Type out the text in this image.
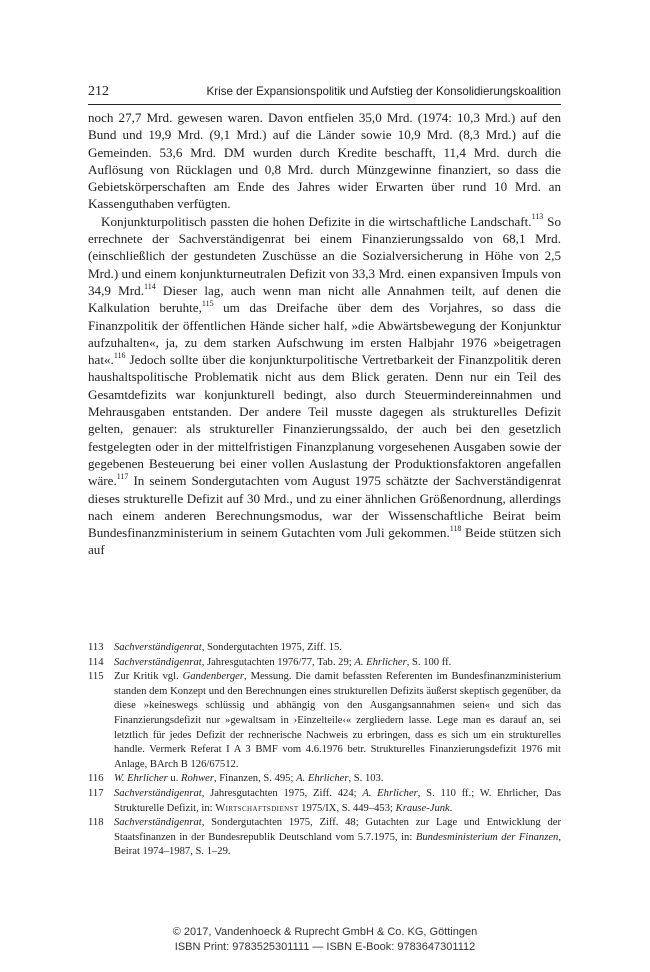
212	Krise der Expansionspolitik und Aufstieg der Konsolidierungskoalition

noch 27,7 Mrd. gewesen waren. Davon entfielen 35,0 Mrd. (1974: 10,3 Mrd.) auf den Bund und 19,9 Mrd. (9,1 Mrd.) auf die Länder sowie 10,9 Mrd. (8,3 Mrd.) auf die Gemeinden. 53,6 Mrd. DM wurden durch Kredite beschafft, 11,4 Mrd. durch die Auflösung von Rücklagen und 0,8 Mrd. durch Münzgewinne finanziert, so dass die Gebietskörperschaften am Ende des Jahres wider Erwarten über rund 10 Mrd. an Kassenguthaben verfügten.

Konjunkturpolitisch passten die hohen Defizite in die wirtschaftliche Landschaft.$^{113}$ So errechnete der Sachverständigenrat bei einem Finanzierungssaldo von 68,1 Mrd. (einschließlich der gestundeten Zuschüsse an die Sozialversicherung in Höhe von 2,5 Mrd.) und einem konjunkturneutralen Defizit von 33,3 Mrd. einen expansiven Impuls von 34,9 Mrd.$^{114}$ Dieser lag, auch wenn man nicht alle Annahmen teilt, auf denen die Kalkulation beruhte,$^{115}$ um das Dreifache über dem des Vorjahres, so dass die Finanzpolitik der öffentlichen Hände sicher half, »die Abwärtsbewegung der Konjunktur aufzuhalten«, ja, zu dem starken Aufschwung im ersten Halbjahr 1976 »beigetragen hat«.$^{116}$ Jedoch sollte über die konjunkturpolitische Vertretbarkeit der Finanzpolitik deren haushaltspolitische Problematik nicht aus dem Blick geraten. Denn nur ein Teil des Gesamtdefizits war konjunkturell bedingt, also durch Steuermindereinnahmen und Mehrausgaben entstanden. Der andere Teil musste dagegen als strukturelles Defizit gelten, genauer: als struktureller Finanzierungssaldo, der auch bei den gesetzlich festgelegten oder in der mittelfristigen Finanzplanung vorgesehenen Ausgaben sowie der gegebenen Besteuerung bei einer vollen Auslastung der Produktionsfaktoren angefallen wäre.$^{117}$ In seinem Sondergutachten vom August 1975 schätzte der Sachverständigenrat dieses strukturelle Defizit auf 30 Mrd., und zu einer ähnlichen Größenordnung, allerdings nach einem anderen Berechnungsmodus, war der Wissenschaftliche Beirat beim Bundesfinanzministerium in seinem Gutachten vom Juli gekommen.$^{118}$ Beide stützen sich auf

113 Sachverständigenrat, Sondergutachten 1975, Ziff. 15.
114 Sachverständigenrat, Jahresgutachten 1976/77, Tab. 29; A. Ehrlicher, S. 100 ff.
115 Zur Kritik vgl. Gandenberger, Messung. Die damit befassten Referenten im Bundesfinanzministerium standen dem Konzept und den Berechnungen eines strukturellen Defizits äußerst skeptisch gegenüber, da diese »keineswegs schlüssig und abhängig von den Ausgangsannahmen seien« und sich das Finanzierungsdefizit nur »gewaltsam in ›Einzelteile‹« zergliedern lasse. Lege man es darauf an, sei letztlich für jedes Defizit der rechnerische Nachweis zu erbringen, dass es sich um ein strukturelles handle. Vermerk Referat I A 3 BMF vom 4.6.1976 betr. Strukturelles Finanzierungsdefizit 1976 mit Anlage, BArch B 126/67512.
116 W. Ehrlicher u. Rohwer, Finanzen, S. 495; A. Ehrlicher, S. 103.
117 Sachverständigenrat, Jahresgutachten 1975, Ziff. 424; A. Ehrlicher, S. 110 ff.; W. Ehrlicher, Das Strukturelle Defizit, in: Wirtschaftsdienst 1975/IX, S. 449–453; Krause-Junk.
118 Sachverständigenrat, Sondergutachten 1975, Ziff. 48; Gutachten zur Lage und Entwicklung der Staatsfinanzen in der Bundesrepublik Deutschland vom 5.7.1975, in: Bundesministerium der Finanzen, Beirat 1974–1987, S. 1–29.
© 2017, Vandenhoeck & Ruprecht GmbH & Co. KG, Göttingen
ISBN Print: 9783525301111 — ISBN E-Book: 9783647301112
